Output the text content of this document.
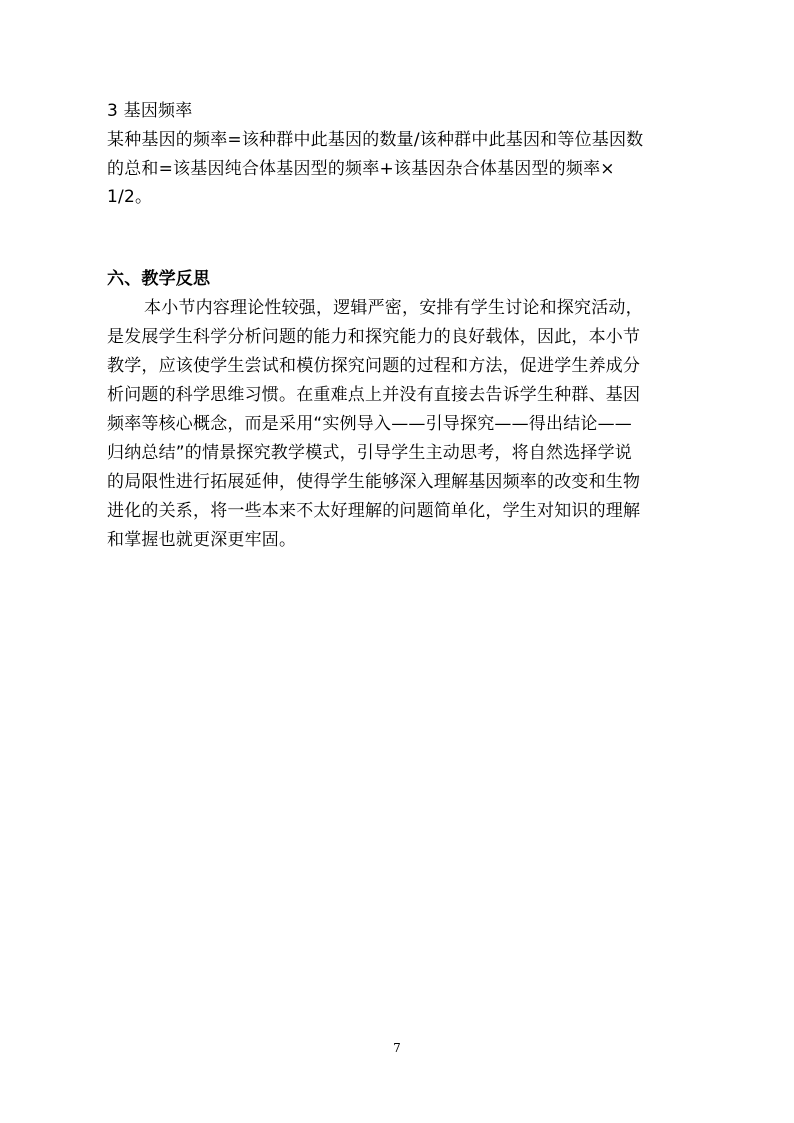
3 基因频率
某种基因的频率=该种群中此基因的数量/该种群中此基因和等位基因数
的总和=该基因纯合体基因型的频率+该基因杂合体基因型的频率×
1/2。
六、教学反思
本小节内容理论性较强，逻辑严密，安排有学生讨论和探究活动，
是发展学生科学分析问题的能力和探究能力的良好载体，因此，本小节
教学，应该使学生尝试和模仿探究问题的过程和方法，促进学生养成分
析问题的科学思维习惯。在重难点上并没有直接去告诉学生种群、基因
频率等核心概念，而是采用“实例导入——引导探究——得出结论——
归纳总结”的情景探究教学模式，引导学生主动思考，将自然选择学说
的局限性进行拓展延伸，使得学生能够深入理解基因频率的改变和生物
进化的关系，将一些本来不太好理解的问题简单化，学生对知识的理解
和掌握也就更深更牢固。
7
